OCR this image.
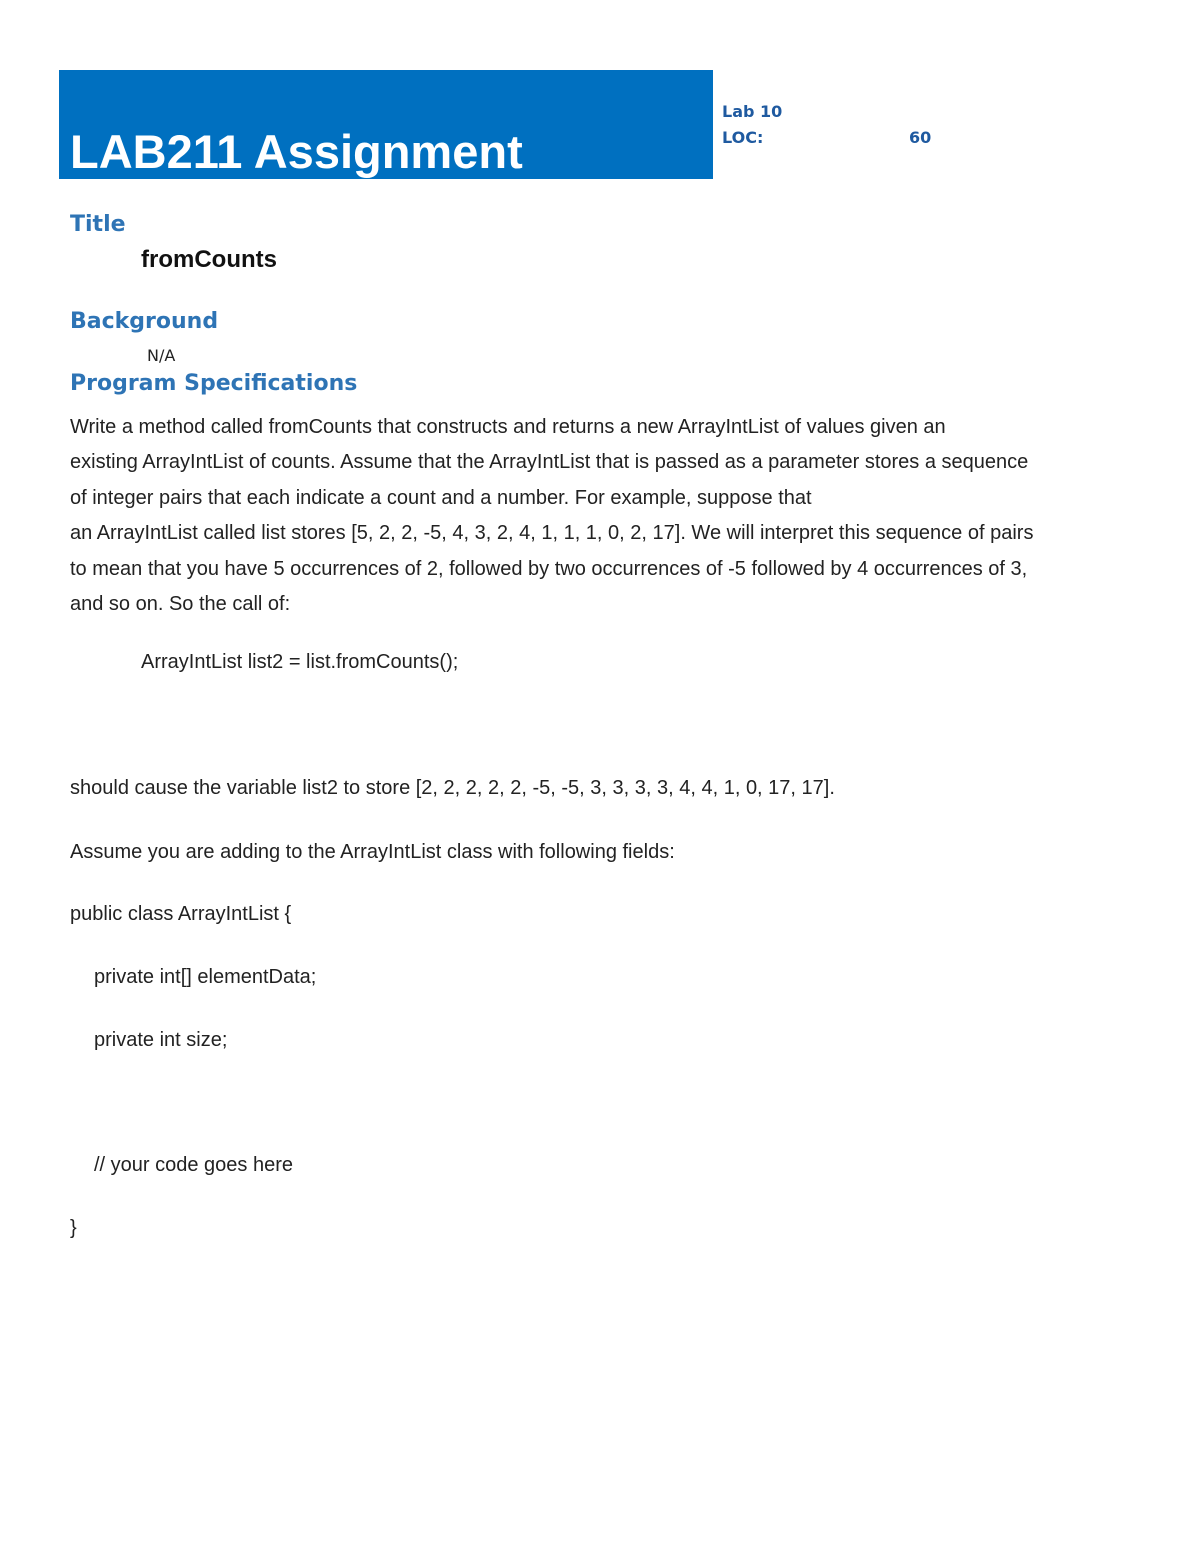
LAB211 Assignment
Lab 10
LOC:	60
Title
fromCounts
Background
N/A
Program Specifications

Write a method called fromCounts that constructs and returns a new ArrayIntList of values given an

existing ArrayIntList of counts. Assume that the ArrayIntList that is passed as a parameter stores a sequence

of integer pairs that each indicate a count and a number. For example, suppose that

an ArrayIntList called list stores [5, 2, 2, -5, 4, 3, 2, 4, 1, 1, 1, 0, 2, 17]. We will interpret this sequence of pairs

to mean that you have 5 occurrences of 2, followed by two occurrences of -5 followed by 4 occurrences of 3,

and so on. So the call of:

ArrayIntList list2 = list.fromCounts();
should cause the variable list2 to store [2, 2, 2, 2, 2, -5, -5, 3, 3, 3, 3, 4, 4, 1, 0, 17, 17].
Assume you are adding to the ArrayIntList class with following fields:
public class ArrayIntList {
private int[] elementData;
private int size;
// your code goes here
}
